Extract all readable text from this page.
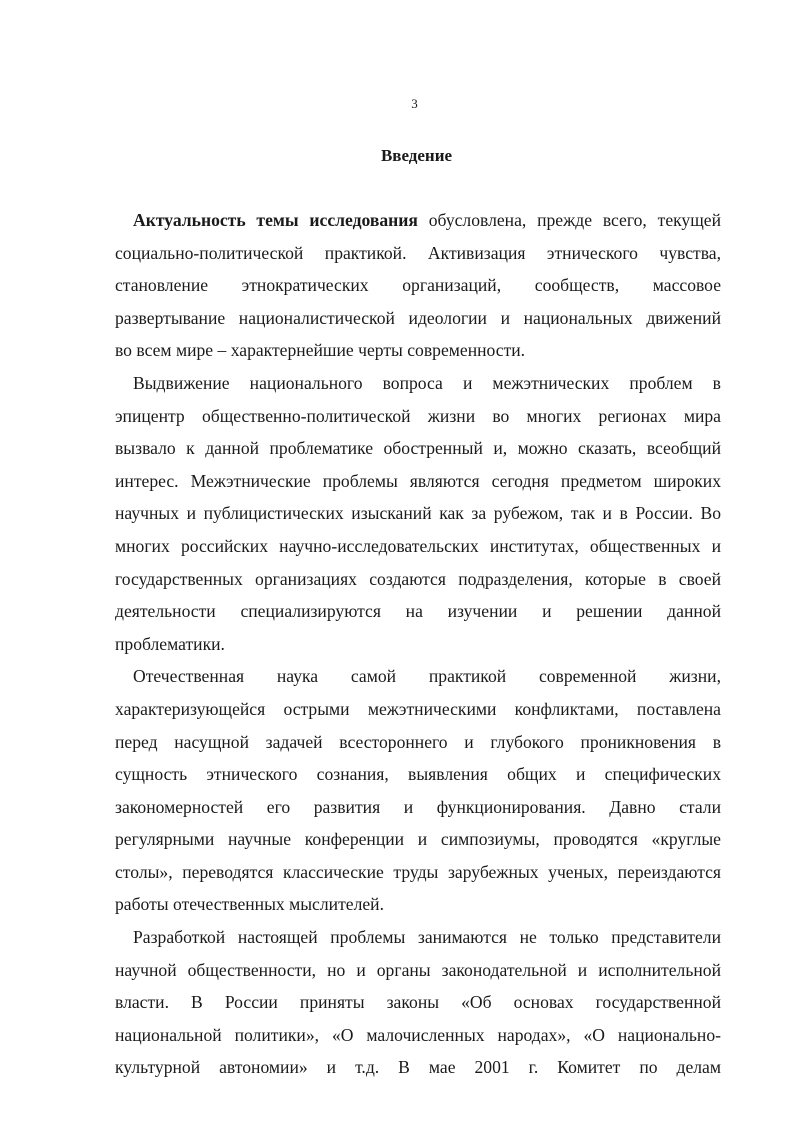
3
Введение
Актуальность темы исследования обусловлена, прежде всего, текущей
социально-политической практикой. Активизация этнического чувства,
становление этнократических организаций, сообществ, массовое
развертывание националистической идеологии и национальных движений
во всем мире – характернейшие черты современности.
Выдвижение национального вопроса и межэтнических проблем в
эпицентр общественно-политической жизни во многих регионах мира
вызвало к данной проблематике обостренный и, можно сказать, всеобщий
интерес. Межэтнические проблемы являются сегодня предметом широких
научных и публицистических изысканий как за рубежом, так и в России. Во
многих российских научно-исследовательских институтах, общественных и
государственных организациях создаются подразделения, которые в своей
деятельности специализируются на изучении и решении данной
проблематики.
Отечественная наука самой практикой современной жизни,
характеризующейся острыми межэтническими конфликтами, поставлена
перед насущной задачей всестороннего и глубокого проникновения в
сущность этнического сознания, выявления общих и специфических
закономерностей его развития и функционирования. Давно стали
регулярными научные конференции и симпозиумы, проводятся «круглые
столы», переводятся классические труды зарубежных ученых, переиздаются
работы отечественных мыслителей.
Разработкой настоящей проблемы занимаются не только представители
научной общественности, но и органы законодательной и исполнительной
власти. В России приняты законы «Об основах государственной
национальной политики», «О малочисленных народах», «О национально-
культурной автономии» и т.д. В мае 2001 г. Комитет по делам
